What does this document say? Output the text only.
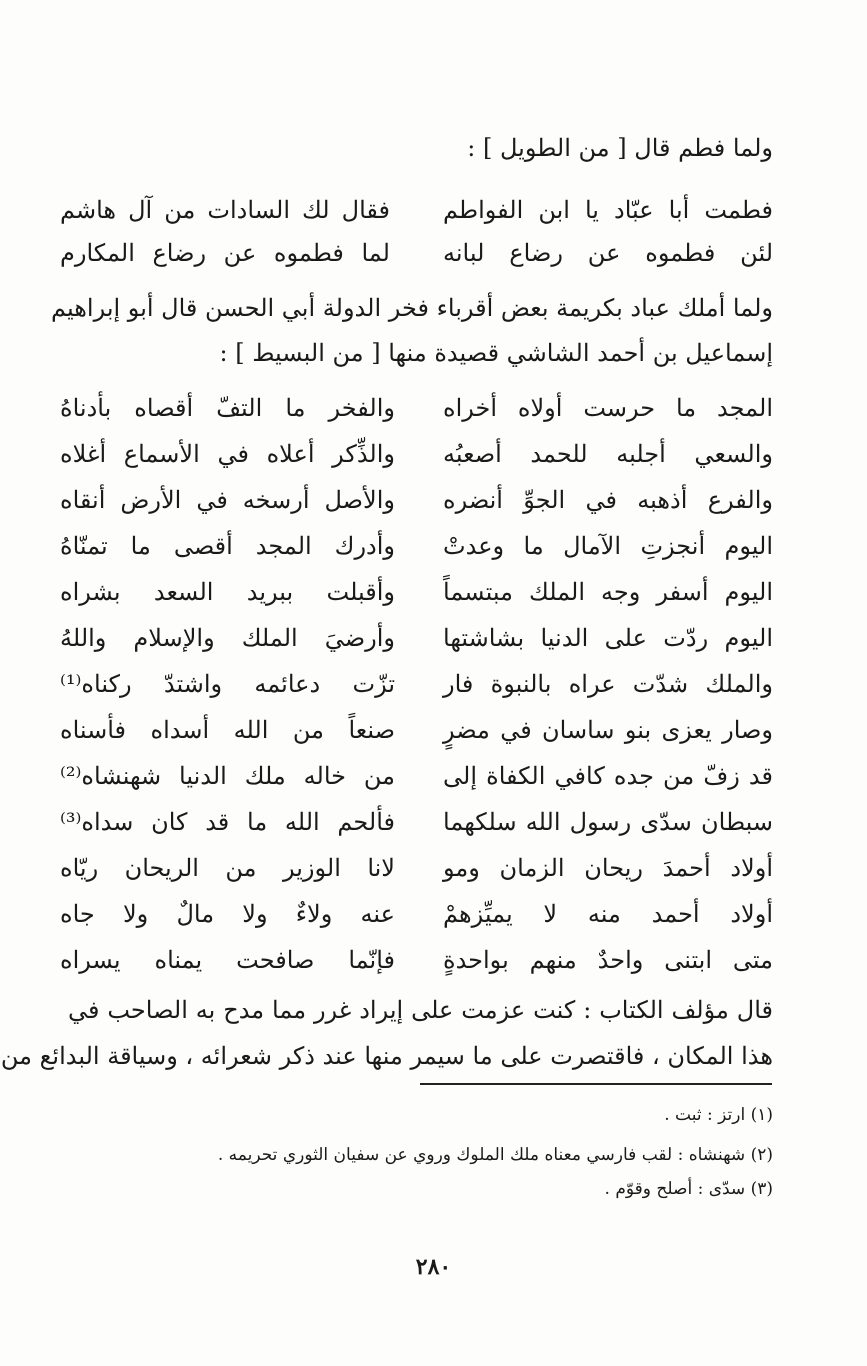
ولما فطم قال [ من الطويل ] :
فطمت أبا عبّاد يا ابن الفواطم
فقال لك السادات من آل هاشم
لئن فطموه عن رضاع لبانه
لما فطموه عن رضاع المكارم
ولما أملك عباد بكريمة بعض أقرباء فخر الدولة أبي الحسن قال أبو إبراهيم
إسماعيل بن أحمد الشاشي قصيدة منها [ من البسيط ] :
المجد ما حرست أولاه أخراه
والفخر ما التفّ أقصاه بأدناهُ
والسعي أجلبه للحمد أصعبُه
والذِّكر أعلاه في الأسماع أغلاه
والفرع أذهبه في الجوِّ أنضره
والأصل أرسخه في الأرض أنقاه
اليوم أنجزتِ الآمال ما وعدتْ
وأدرك المجد أقصى ما تمنّاهُ
اليوم أسفر وجه الملك مبتسماً
وأقبلت ببريد السعد بشراه
اليوم ردّت على الدنيا بشاشتها
وأرضيَ الملك والإسلام واللهُ
والملك شدّت عراه بالنبوة فار
تزّت دعائمه واشتدّ ركناه⁽¹⁾
وصار يعزى بنو ساسان في مضرٍ
صنعاً من الله أسداه فأسناه
قد زفّ من جده كافي الكفاة إلى
من خاله ملك الدنيا شهنشاه⁽²⁾
سبطان سدّى رسول الله سلكهما
فألحم الله ما قد كان سداه⁽³⁾
أولاد أحمدَ ريحان الزمان ومو
لانا الوزير من الريحان ريّاه
أولاد أحمد منه لا يميِّزهمْ
عنه ولاءٌ ولا مالٌ ولا جاه
متى ابتنى واحدٌ منهم بواحدةٍ
فإنّما صافحت يمناه يسراه
قال مؤلف الكتاب : كنت عزمت على إيراد غرر مما مدح به الصاحب في
هذا المكان ، فاقتصرت على ما سيمر منها عند ذكر شعرائه ، وسياقة البدائع من
(١) ارتز : ثبت .
(٢) شهنشاه : لقب فارسي معناه ملك الملوك وروي عن سفيان الثوري تحريمه .
(٣) سدّى : أصلح وقوّم .
٢٨٠
